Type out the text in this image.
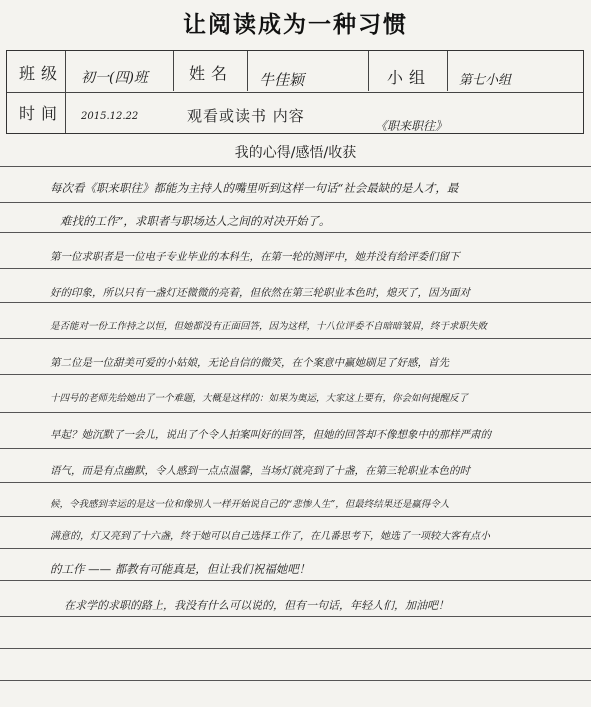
让阅读成为一种习惯
班级 初一(四)班	姓名 牛佳颖	小组 第七小组
时间 2015.12.22	观看或读书 内容
《职来职往》
我的心得/感悟/收获
每次看《职来职往》都能为主持人的嘴里听到这样一句话“社会最缺的是人才，最
难找的工作”，求职者与职场达人之间的对决开始了。
第一位求职者是一位电子专业毕业的本科生，在第一轮的测评中，她并没有给评委们留下
好的印象，所以只有一盏灯还微微的亮着，但依然在第三轮职业本色时，熄灭了，因为面对
是否能对一份工作持之以恒，但她都没有正面回答，因为这样，十八位评委不自暗暗皱眉，终于求职失败
第二位是一位甜美可爱的小姑娘，无论自信的微笑，在个案意中赢她刷足了好感，首先
十四号的老师先给她出了一个难题，大概是这样的：如果为奥运，大家这上要有，你会如何提醒反了
早起？她沉默了一会儿，说出了个令人拍案叫好的回答，但她的回答却不像想象中的那样严肃的
语气，而是有点幽默，令人感到一点点温馨，当场灯就亮到了十盏，在第三轮职业本色的时
候，令我感到幸运的是这一位和像别人一样开始说自己的“悲惨人生”，但最终结果还是赢得令人
满意的，灯又亮到了十六盏，终于她可以自己选择工作了，在几番思考下，她选了一项较大客有点小
的工作 —— 都教有可能真是，但让我们祝福她吧！
在求学的求职的路上，我没有什么可以说的，但有一句话，年轻人们，加油吧！
